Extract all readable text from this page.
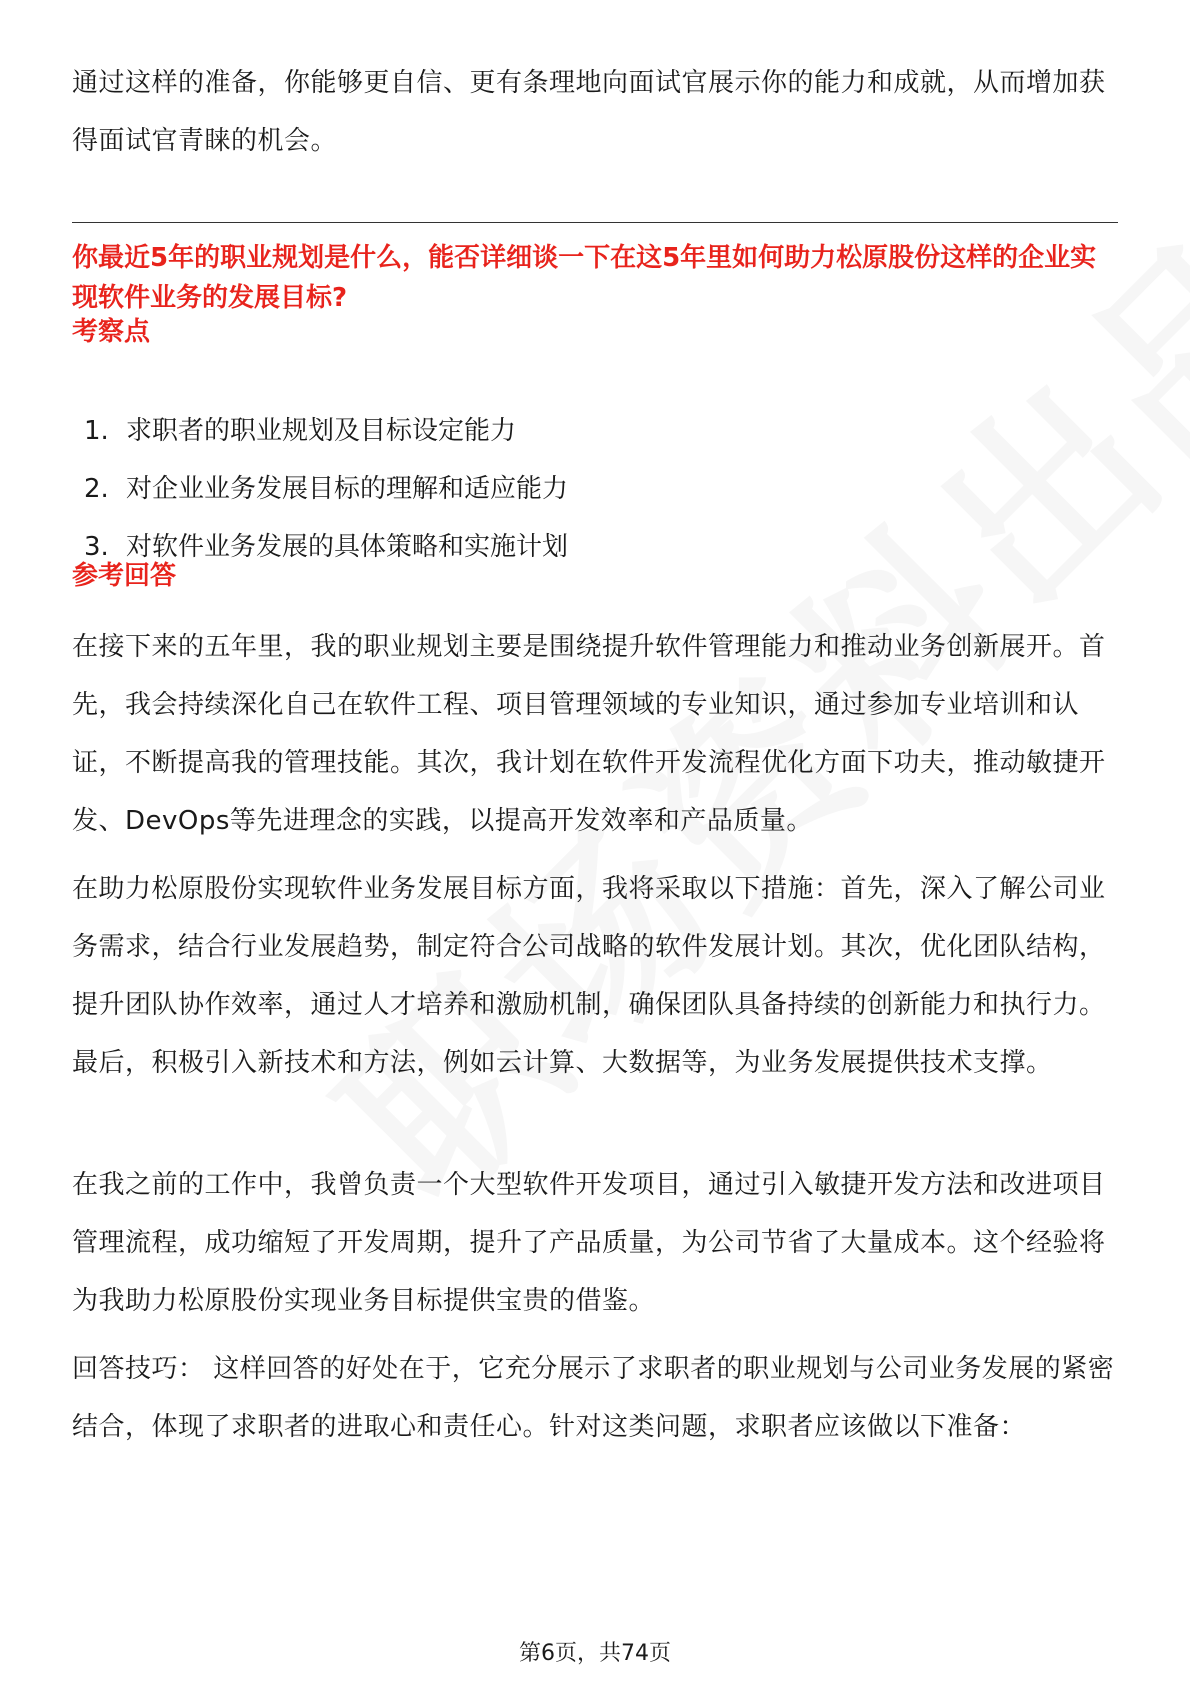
通过这样的准备，你能够更自信、更有条理地向面试官展示你的能力和成就，从而增加获得面试官青睐的机会。

你最近5年的职业规划是什么，能否详细谈一下在这5年里如何助力松原股份这样的企业实现软件业务的发展目标?

考察点

1. 求职者的职业规划及目标设定能力
2. 对企业业务发展目标的理解和适应能力
3. 对软件业务发展的具体策略和实施计划

参考回答

在接下来的五年里，我的职业规划主要是围绕提升软件管理能力和推动业务创新展开。首先，我会持续深化自己在软件工程、项目管理领域的专业知识，通过参加专业培训和认证，不断提高我的管理技能。其次，我计划在软件开发流程优化方面下功夫，推动敏捷开发、DevOps等先进理念的实践，以提高开发效率和产品质量。

在助力松原股份实现软件业务发展目标方面，我将采取以下措施：首先，深入了解公司业务需求，结合行业发展趋势，制定符合公司战略的软件发展计划。其次，优化团队结构，提升团队协作效率，通过人才培养和激励机制，确保团队具备持续的创新能力和执行力。最后，积极引入新技术和方法，例如云计算、大数据等，为业务发展提供技术支撑。

在我之前的工作中，我曾负责一个大型软件开发项目，通过引入敏捷开发方法和改进项目管理流程，成功缩短了开发周期，提升了产品质量，为公司节省了大量成本。这个经验将为我助力松原股份实现业务目标提供宝贵的借鉴。

回答技巧： 这样回答的好处在于，它充分展示了求职者的职业规划与公司业务发展的紧密结合，体现了求职者的进取心和责任心。针对这类问题，求职者应该做以下准备：

第6页，共74页
